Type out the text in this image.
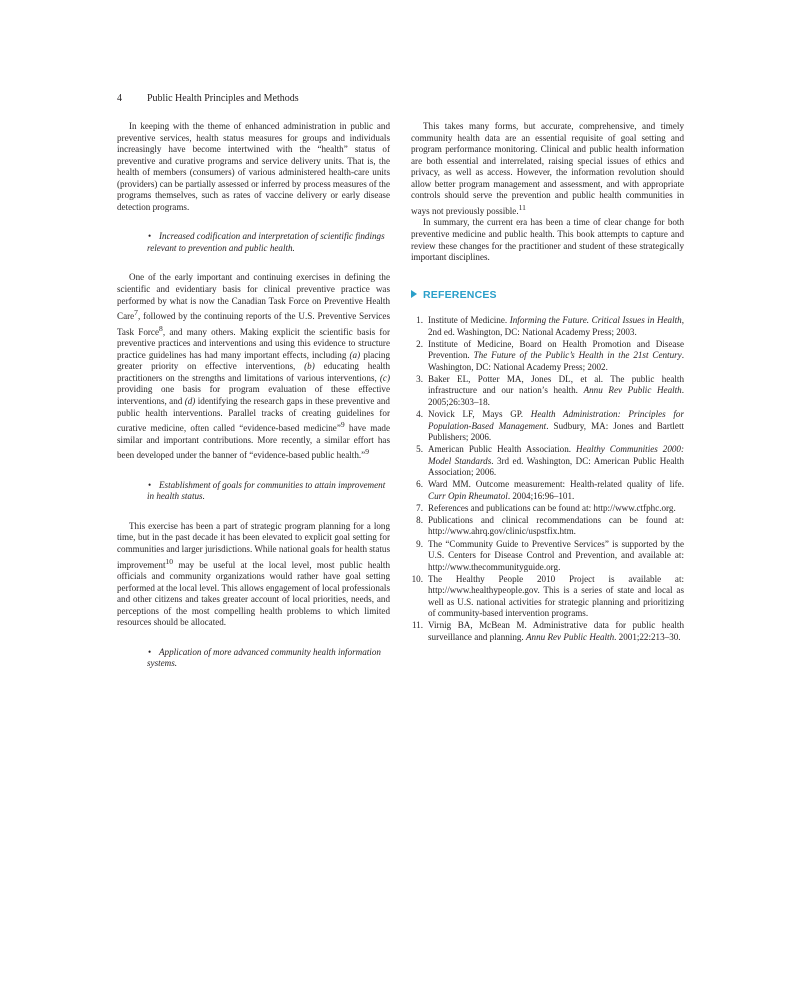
4	Public Health Principles and Methods

In keeping with the theme of enhanced administration in public and preventive services, health status measures for groups and individuals increasingly have become intertwined with the “health” status of preventive and curative programs and service delivery units. That is, the health of members (consumers) of various administered health-care units (providers) can be partially assessed or inferred by process measures of the programs themselves, such as rates of vaccine delivery or early disease detection programs.

• Increased codification and interpretation of scientific findings relevant to prevention and public health.

One of the early important and continuing exercises in defining the scientific and evidentiary basis for clinical preventive practice was performed by what is now the Canadian Task Force on Preventive Health Care$^7$, followed by the continuing reports of the U.S. Preventive Services Task Force$^8$, and many others. Making explicit the scientific basis for preventive practices and interventions and using this evidence to structure practice guidelines has had many important effects, including (a) placing greater priority on effective interventions, (b) educating health practitioners on the strengths and limitations of various interventions, (c) providing one basis for program evaluation of these effective interventions, and (d) identifying the research gaps in these preventive and public health interventions. Parallel tracks of creating guidelines for curative medicine, often called “evidence-based medicine”$^9$ have made similar and important contributions. More recently, a similar effort has been developed under the banner of “evidence-based public health.”$^9$

• Establishment of goals for communities to attain improvement in health status.

This exercise has been a part of strategic program planning for a long time, but in the past decade it has been elevated to explicit goal setting for communities and larger jurisdictions. While national goals for health status improvement$^{10}$ may be useful at the local level, most public health officials and community organizations would rather have goal setting performed at the local level. This allows engagement of local professionals and other citizens and takes greater account of local priorities, needs, and perceptions of the most compelling health problems to which limited resources should be allocated.

• Application of more advanced community health information systems.

This takes many forms, but accurate, comprehensive, and timely community health data are an essential requisite of goal setting and program performance monitoring. Clinical and public health information are both essential and interrelated, raising special issues of ethics and privacy, as well as access. However, the information revolution should allow better program management and assessment, and with appropriate controls should serve the prevention and public health communities in ways not previously possible.$^{11}$

In summary, the current era has been a time of clear change for both preventive medicine and public health. This book attempts to capture and review these changes for the practitioner and student of these strategically important disciplines.

REFERENCES
1. Institute of Medicine. Informing the Future. Critical Issues in Health, 2nd ed. Washington, DC: National Academy Press; 2003.
2. Institute of Medicine, Board on Health Promotion and Disease Prevention. The Future of the Public’s Health in the 21st Century. Washington, DC: National Academy Press; 2002.
3. Baker EL, Potter MA, Jones DL, et al. The public health infrastructure and our nation’s health. Annu Rev Public Health. 2005;26:303–18.
4. Novick LF, Mays GP. Health Administration: Principles for Population-Based Management. Sudbury, MA: Jones and Bartlett Publishers; 2006.
5. American Public Health Association. Healthy Communities 2000: Model Standards. 3rd ed. Washington, DC: American Public Health Association; 2006.
6. Ward MM. Outcome measurement: Health-related quality of life. Curr Opin Rheumatol. 2004;16:96–101.
7. References and publications can be found at: http://www.ctfphc.org.
8. Publications and clinical recommendations can be found at: http://www.ahrq.gov/clinic/uspstfix.htm.
9. The “Community Guide to Preventive Services” is supported by the U.S. Centers for Disease Control and Prevention, and available at: http://www.thecommunityguide.org.
10. The Healthy People 2010 Project is available at: http://www.healthypeople.gov. This is a series of state and local as well as U.S. national activities for strategic planning and prioritizing of community-based intervention programs.
11. Virnig BA, McBean M. Administrative data for public health surveillance and planning. Annu Rev Public Health. 2001;22:213–30.
